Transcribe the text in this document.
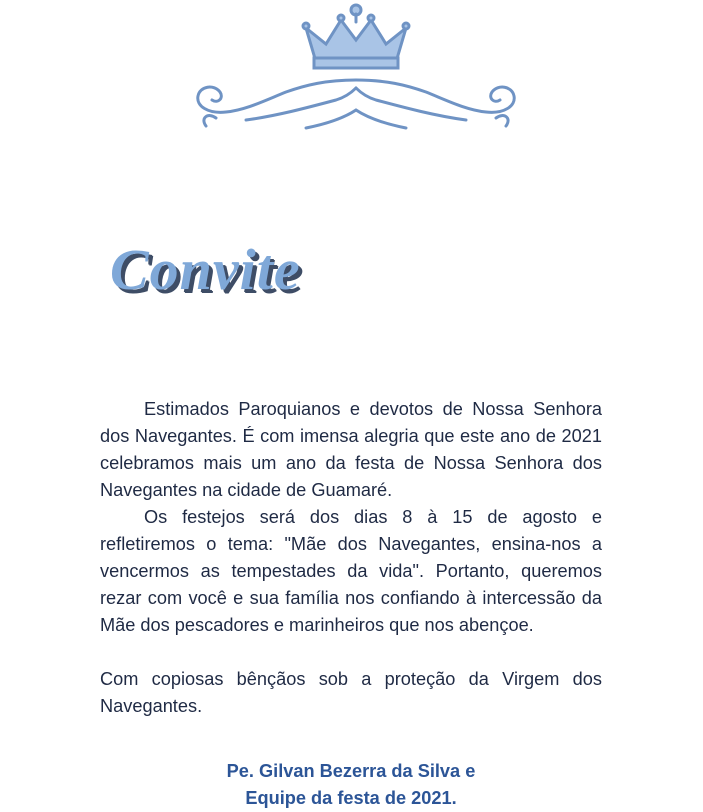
Convite

Estimados Paroquianos e devotos de Nossa Senhora dos Navegantes. É com imensa alegria que este ano de 2021 celebramos mais um ano da festa de Nossa Senhora dos Navegantes na cidade de Guamaré.

Os festejos será dos dias 8 à 15 de agosto e refletiremos o tema: "Mãe dos Navegantes, ensina-nos a vencermos as tempestades da vida". Portanto, queremos rezar com você e sua família nos confiando à intercessão da Mãe dos pescadores e marinheiros que nos abençoe.

Com copiosas bênçãos sob a proteção da Virgem dos Navegantes.

Pe. Gilvan Bezerra da Silva e
Equipe da festa de 2021.
